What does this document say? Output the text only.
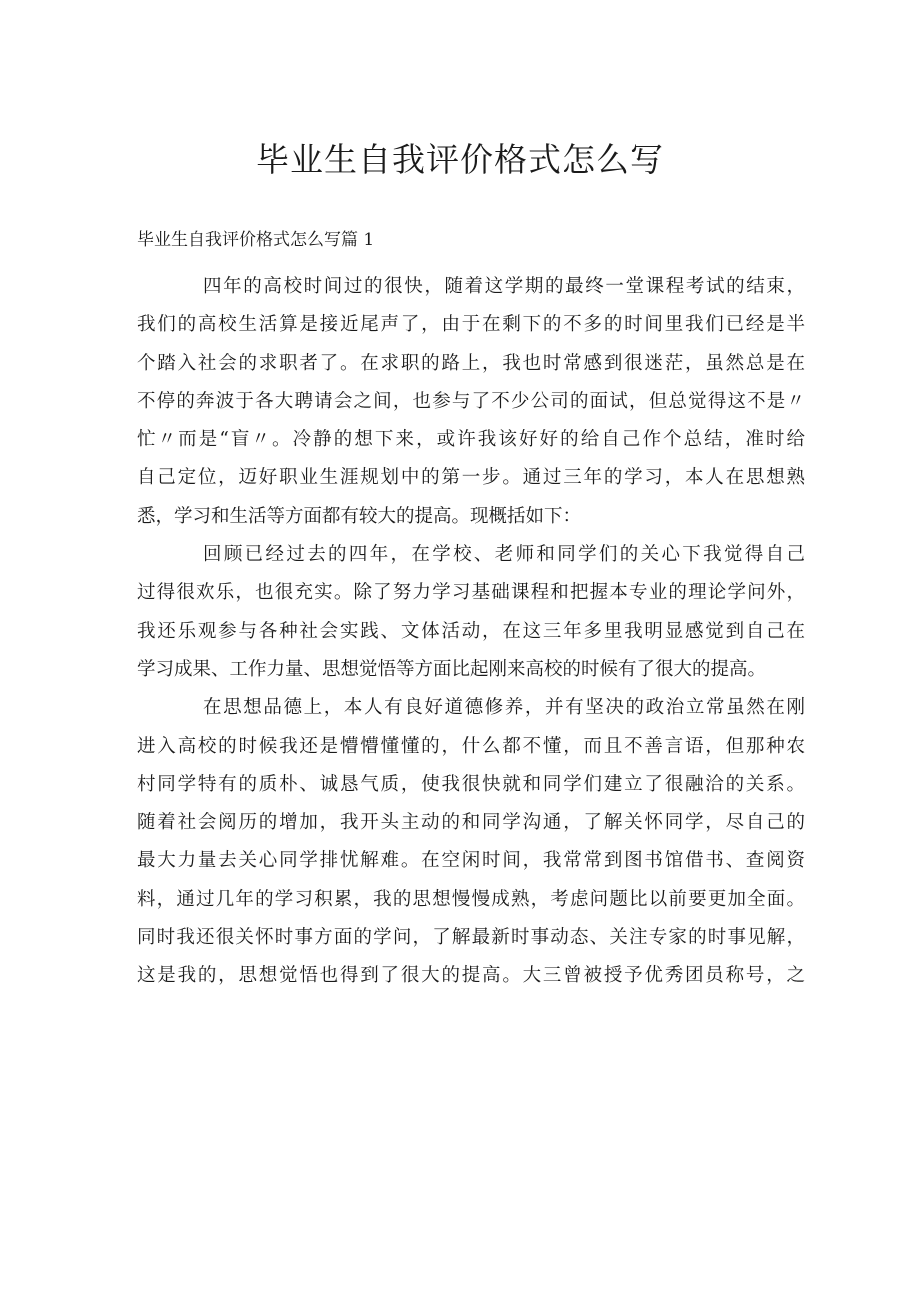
毕业生自我评价格式怎么写
毕业生自我评价格式怎么写篇 1

四年的高校时间过的很快，随着这学期的最终一堂课程考试的结束，
我们的高校生活算是接近尾声了，由于在剩下的不多的时间里我们已经是半
个踏入社会的求职者了。在求职的路上，我也时常感到很迷茫，虽然总是在
不停的奔波于各大聘请会之间，也参与了不少公司的面试，但总觉得这不是〃
忙〃而是“盲〃。冷静的想下来，或许我该好好的给自己作个总结，准时给
自己定位，迈好职业生涯规划中的第一步。通过三年的学习，本人在思想熟
悉，学习和生活等方面都有较大的提高。现概括如下：

回顾已经过去的四年，在学校、老师和同学们的关心下我觉得自己
过得很欢乐，也很充实。除了努力学习基础课程和把握本专业的理论学问外，
我还乐观参与各种社会实践、文体活动，在这三年多里我明显感觉到自己在
学习成果、工作力量、思想觉悟等方面比起刚来高校的时候有了很大的提高。

在思想品德上，本人有良好道德修养，并有坚决的政治立常虽然在刚
进入高校的时候我还是懵懵懂懂的，什么都不懂，而且不善言语，但那种农
村同学特有的质朴、诚恳气质，使我很快就和同学们建立了很融洽的关系。
随着社会阅历的增加，我开头主动的和同学沟通，了解关怀同学，尽自己的
最大力量去关心同学排忧解难。在空闲时间，我常常到图书馆借书、查阅资
料，通过几年的学习积累，我的思想慢慢成熟，考虑问题比以前要更加全面。
同时我还很关怀时事方面的学问，了解最新时事动态、关注专家的时事见解，
这是我的，思想觉悟也得到了很大的提高。大三曾被授予优秀团员称号，之
